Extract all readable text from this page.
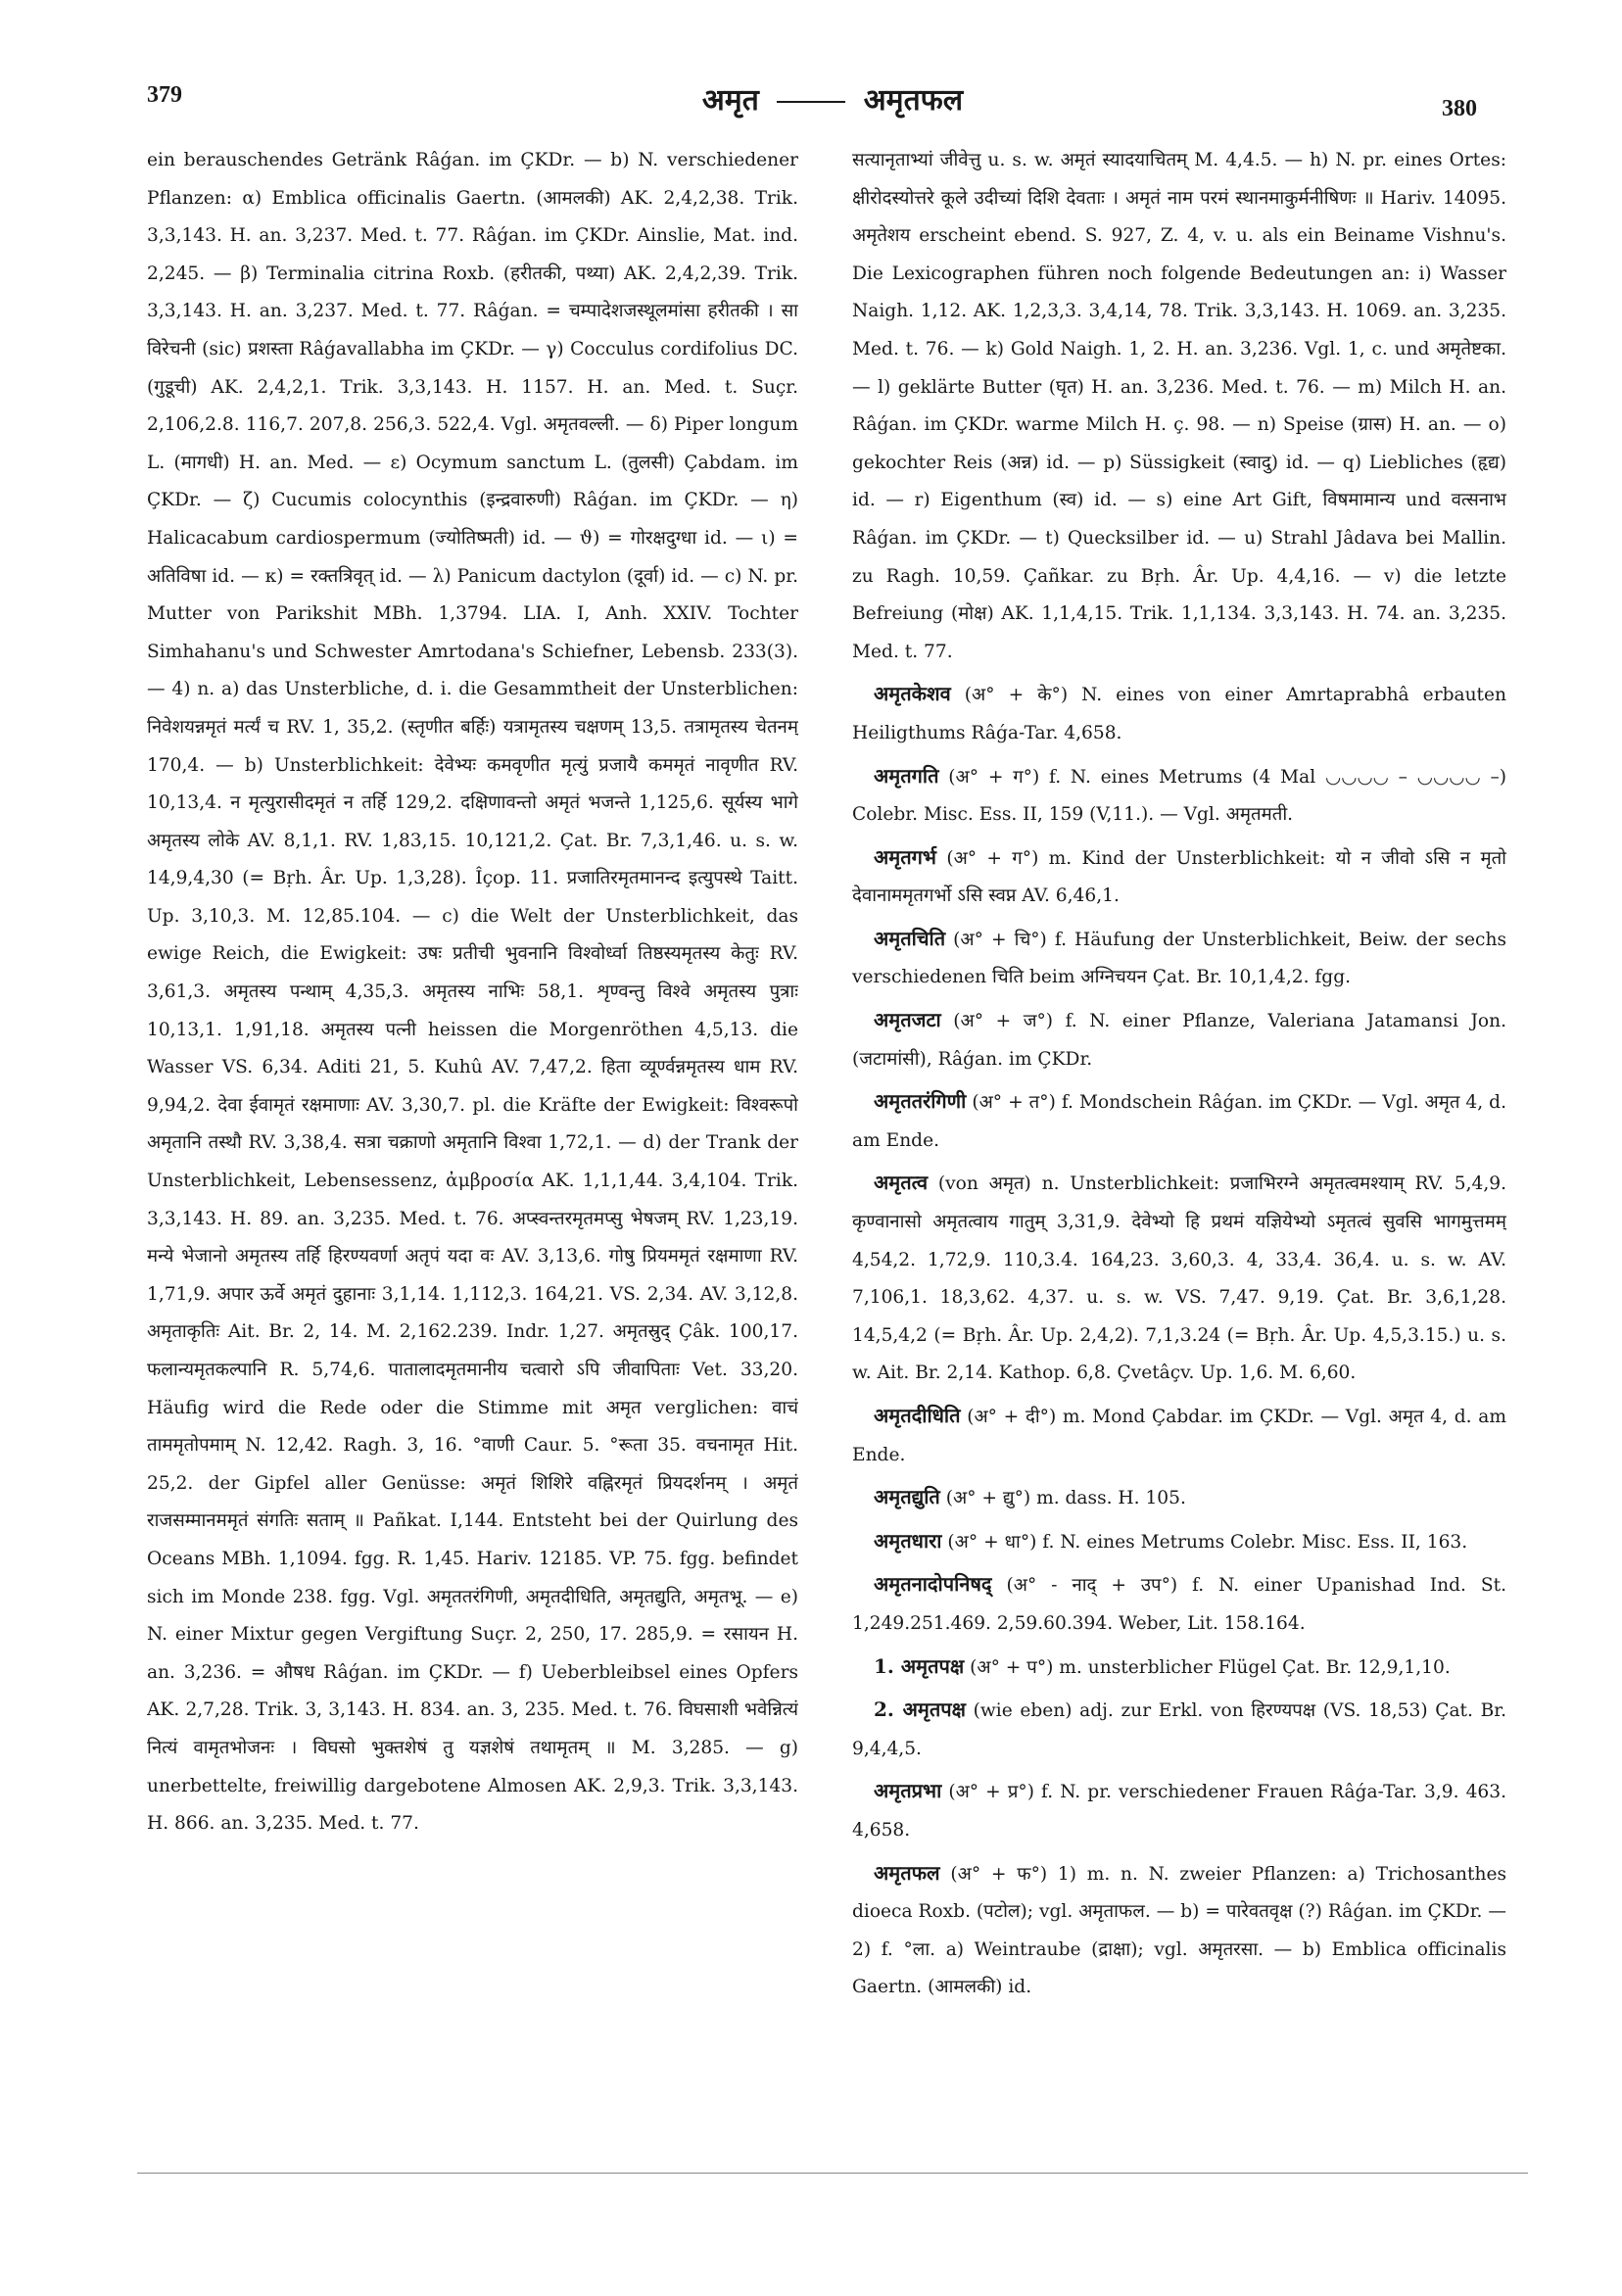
379	अमृत	अमृतफल	380

ein berauschendes Getränk Râǵan. im ÇKDr. — b) N. verschiedener Pflanzen: α) Emblica officinalis Gaertn. (आमलकी) AK. 2,4,2,38. Trik. 3,3,143. H. an. 3,237. Med. t. 77. Râǵan. im ÇKDr. Ainslie, Mat. ind. 2,245. — β) Terminalia citrina Roxb. (हरीतकी, पथ्या) AK. 2,4,2,39. Trik. 3,3,143. H. an. 3,237. Med. t. 77. Râǵan. = चम्पादेशजस्थूलमांसा हरीतकी । सा विरेचनी (sic) प्रशस्ता Râǵavallabha im ÇKDr. — γ) Cocculus cordifolius DC. (गुडूची) AK. 2,4,2,1. Trik. 3,3,143. H. 1157. H. an. Med. t. Suçr. 2,106,2.8. 116,7. 207,8. 256,3. 522,4. Vgl. अमृतवल्ली. — δ) Piper longum L. (मागधी) H. an. Med. — ε) Ocymum sanctum L. (तुलसी) Çabdam. im ÇKDr. — ζ) Cucumis colocynthis (इन्द्रवारुणी) Râǵan. im ÇKDr. — η) Halicacabum cardiospermum (ज्योतिष्मती) id. — ϑ) = गोरक्षदुग्धा id. — ι) = अतिविषा id. — κ) = रक्तत्रिवृत् id. — λ) Panicum dactylon (दूर्वा) id. — c) N. pr. Mutter von Parikshit MBh. 1,3794. LIA. I, Anh. XXIV. Tochter Simhahanu's und Schwester Amrtodana's Schiefner, Lebensb. 233(3). — 4) n. a) das Unsterbliche, d. i. die Gesammtheit der Unsterblichen: निवेशयन्नमृतं मर्त्यं च RV. 1, 35,2. (स्तृणीत बर्हिः) यत्रामृतस्य चक्षणम् 13,5. तत्रामृतस्य चेतनम् 170,4. — b) Unsterblichkeit: देवेभ्यः कमवृणीत मृत्युं प्रजायै कममृतं नावृणीत RV. 10,13,4. न मृत्युरासीदमृतं न तर्हि 129,2. दक्षिणावन्तो अमृतं भजन्ते 1,125,6. सूर्यस्य भागे अमृतस्य लोके AV. 8,1,1. RV. 1,83,15. 10,121,2. Çat. Br. 7,3,1,46. u. s. w. 14,9,4,30 (= Bṛh. Âr. Up. 1,3,28). Îçop. 11. प्रजातिरमृतमानन्द इत्युपस्थे Taitt. Up. 3,10,3. M. 12,85.104. — c) die Welt der Unsterblichkeit, das ewige Reich, die Ewigkeit: उषः प्रतीची भुवनानि विश्वोर्ध्वा तिष्ठस्यमृतस्य केतुः RV. 3,61,3. अमृतस्य पन्थाम् 4,35,3. अमृतस्य नाभिः 58,1. शृण्वन्तु विश्वे अमृतस्य पुत्राः 10,13,1. 1,91,18. अमृतस्य पत्नी heissen die Morgenröthen 4,5,13. die Wasser VS. 6,34. Aditi 21, 5. Kuhû AV. 7,47,2. हिता व्यूर्ण्वन्नमृतस्य धाम RV. 9,94,2. देवा ईवामृतं रक्षमाणाः AV. 3,30,7. pl. die Kräfte der Ewigkeit: विश्वरूपो अमृतानि तस्थौ RV. 3,38,4. सत्रा चक्राणो अमृतानि विश्वा 1,72,1. — d) der Trank der Unsterblichkeit, Lebensessenz, ἀμβροσία AK. 1,1,1,44. 3,4,104. Trik. 3,3,143. H. 89. an. 3,235. Med. t. 76. अप्स्वन्तरमृतमप्सु भेषजम् RV. 1,23,19. मन्ये भेजानो अमृतस्य तर्हि हिरण्यवर्णा अतृपं यदा वः AV. 3,13,6. गोषु प्रियममृतं रक्षमाणा RV. 1,71,9. अपार ऊर्वे अमृतं दुहानाः 3,1,14. 1,112,3. 164,21. VS. 2,34. AV. 3,12,8. अमृताकृतिः Ait. Br. 2, 14. M. 2,162.239. Indr. 1,27. अमृतस्रुद् Çâk. 100,17. फलान्यमृतकल्पानि R. 5,74,6. पातालादमृतमानीय चत्वारो ऽपि जीवापिताः Vet. 33,20. Häufig wird die Rede oder die Stimme mit अमृत verglichen: वाचं ताममृतोपमाम् N. 12,42. Ragh. 3, 16. °वाणी Caur. 5. °रूता 35. वचनामृत Hit. 25,2. der Gipfel aller Genüsse: अमृतं शिशिरे वह्निरमृतं प्रियदर्शनम् । अमृतं राजसम्मानममृतं संगतिः सताम् ॥ Pañkat. I,144. Entsteht bei der Quirlung des Oceans MBh. 1,1094. fgg. R. 1,45. Hariv. 12185. VP. 75. fgg. befindet sich im Monde 238. fgg. Vgl. अमृततरंगिणी, अमृतदीधिति, अमृतद्युति, अमृतभू. — e) N. einer Mixtur gegen Vergiftung Suçr. 2, 250, 17. 285,9. = रसायन H. an. 3,236. = औषध Râǵan. im ÇKDr. — f) Ueberbleibsel eines Opfers AK. 2,7,28. Trik. 3, 3,143. H. 834. an. 3, 235. Med. t. 76. विघसाशी भवेन्नित्यं नित्यं वामृतभोजनः । विघसो भुक्तशेषं तु यज्ञशेषं तथामृतम् ॥ M. 3,285. — g) unerbettelte, freiwillig dargebotene Almosen AK. 2,9,3. Trik. 3,3,143. H. 866. an. 3,235. Med. t. 77.

सत्यानृताभ्यां जीवेत्तु u. s. w. अमृतं स्यादयाचितम् M. 4,4.5. — h) N. pr. eines Ortes: क्षीरोदस्योत्तरे कूले उदीच्यां दिशि देवताः । अमृतं नाम परमं स्थानमाकुर्मनीषिणः ॥ Hariv. 14095. अमृतेशय erscheint ebend. S. 927, Z. 4, v. u. als ein Beiname Vishnu's. Die Lexicographen führen noch folgende Bedeutungen an: i) Wasser Naigh. 1,12. AK. 1,2,3,3. 3,4,14, 78. Trik. 3,3,143. H. 1069. an. 3,235. Med. t. 76. — k) Gold Naigh. 1, 2. H. an. 3,236. Vgl. 1, c. und अमृतेष्टका. — l) geklärte Butter (घृत) H. an. 3,236. Med. t. 76. — m) Milch H. an. Râǵan. im ÇKDr. warme Milch H. ç. 98. — n) Speise (ग्रास) H. an. — o) gekochter Reis (अन्न) id. — p) Süssigkeit (स्वादु) id. — q) Liebliches (हृद्य) id. — r) Eigenthum (स्व) id. — s) eine Art Gift, विषमामान्य und वत्सनाभ Râǵan. im ÇKDr. — t) Quecksilber id. — u) Strahl Jâdava bei Mallin. zu Ragh. 10,59. Çañkar. zu Bṛh. Âr. Up. 4,4,16. — v) die letzte Befreiung (मोक्ष) AK. 1,1,4,15. Trik. 1,1,134. 3,3,143. H. 74. an. 3,235. Med. t. 77.

अमृतकेशव (अ° + के°) N. eines von einer Amrtaprabhâ erbauten Heiligthums Râǵa-Tar. 4,658.

अमृतगति (अ° + ग°) f. N. eines Metrums (4 Mal ◡◡◡◡ – ◡◡◡◡ –) Colebr. Misc. Ess. II, 159 (V,11.). — Vgl. अमृतमती.

अमृतगर्भ (अ° + ग°) m. Kind der Unsterblichkeit: यो न जीवो ऽसि न मृतो देवानाममृतगर्भो ऽसि स्वप्न AV. 6,46,1.

अमृतचिति (अ° + चि°) f. Häufung der Unsterblichkeit, Beiw. der sechs verschiedenen चिति beim अग्निचयन Çat. Br. 10,1,4,2. fgg.

अमृतजटा (अ° + ज°) f. N. einer Pflanze, Valeriana Jatamansi Jon. (जटामांसी), Râǵan. im ÇKDr.

अमृततरंगिणी (अ° + त°) f. Mondschein Râǵan. im ÇKDr. — Vgl. अमृत 4, d. am Ende.

अमृतत्व (von अमृत) n. Unsterblichkeit: प्रजाभिरग्ने अमृतत्वमश्याम् RV. 5,4,9. कृण्वानासो अमृतत्वाय गातुम् 3,31,9. देवेभ्यो हि प्रथमं यज्ञियेभ्यो ऽमृतत्वं सुवसि भागमुत्तमम् 4,54,2. 1,72,9. 110,3.4. 164,23. 3,60,3. 4, 33,4. 36,4. u. s. w. AV. 7,106,1. 18,3,62. 4,37. u. s. w. VS. 7,47. 9,19. Çat. Br. 3,6,1,28. 14,5,4,2 (= Bṛh. Âr. Up. 2,4,2). 7,1,3.24 (= Bṛh. Âr. Up. 4,5,3.15.) u. s. w. Ait. Br. 2,14. Kathop. 6,8. Çvetâçv. Up. 1,6. M. 6,60.

अमृतदीधिति (अ° + दी°) m. Mond Çabdar. im ÇKDr. — Vgl. अमृत 4, d. am Ende.

अमृतद्युति (अ° + द्यु°) m. dass. H. 105.

अमृतधारा (अ° + धा°) f. N. eines Metrums Colebr. Misc. Ess. II, 163.

अमृतनादोपनिषद् (अ° - नाद् + उप°) f. N. einer Upanishad Ind. St. 1,249.251.469. 2,59.60.394. Weber, Lit. 158.164.

1. अमृतपक्ष (अ° + प°) m. unsterblicher Flügel Çat. Br. 12,9,1,10.

2. अमृतपक्ष (wie eben) adj. zur Erkl. von हिरण्यपक्ष (VS. 18,53) Çat. Br. 9,4,4,5.

अमृतप्रभा (अ° + प्र°) f. N. pr. verschiedener Frauen Râǵa-Tar. 3,9. 463. 4,658.

अमृतफल (अ° + फ°) 1) m. n. N. zweier Pflanzen: a) Trichosanthes dioeca Roxb. (पटोल); vgl. अमृताफल. — b) = पारेवतवृक्ष (?) Râǵan. im ÇKDr. — 2) f. °ला. a) Weintraube (द्राक्षा); vgl. अमृतरसा. — b) Emblica officinalis Gaertn. (आमलकी) id.
